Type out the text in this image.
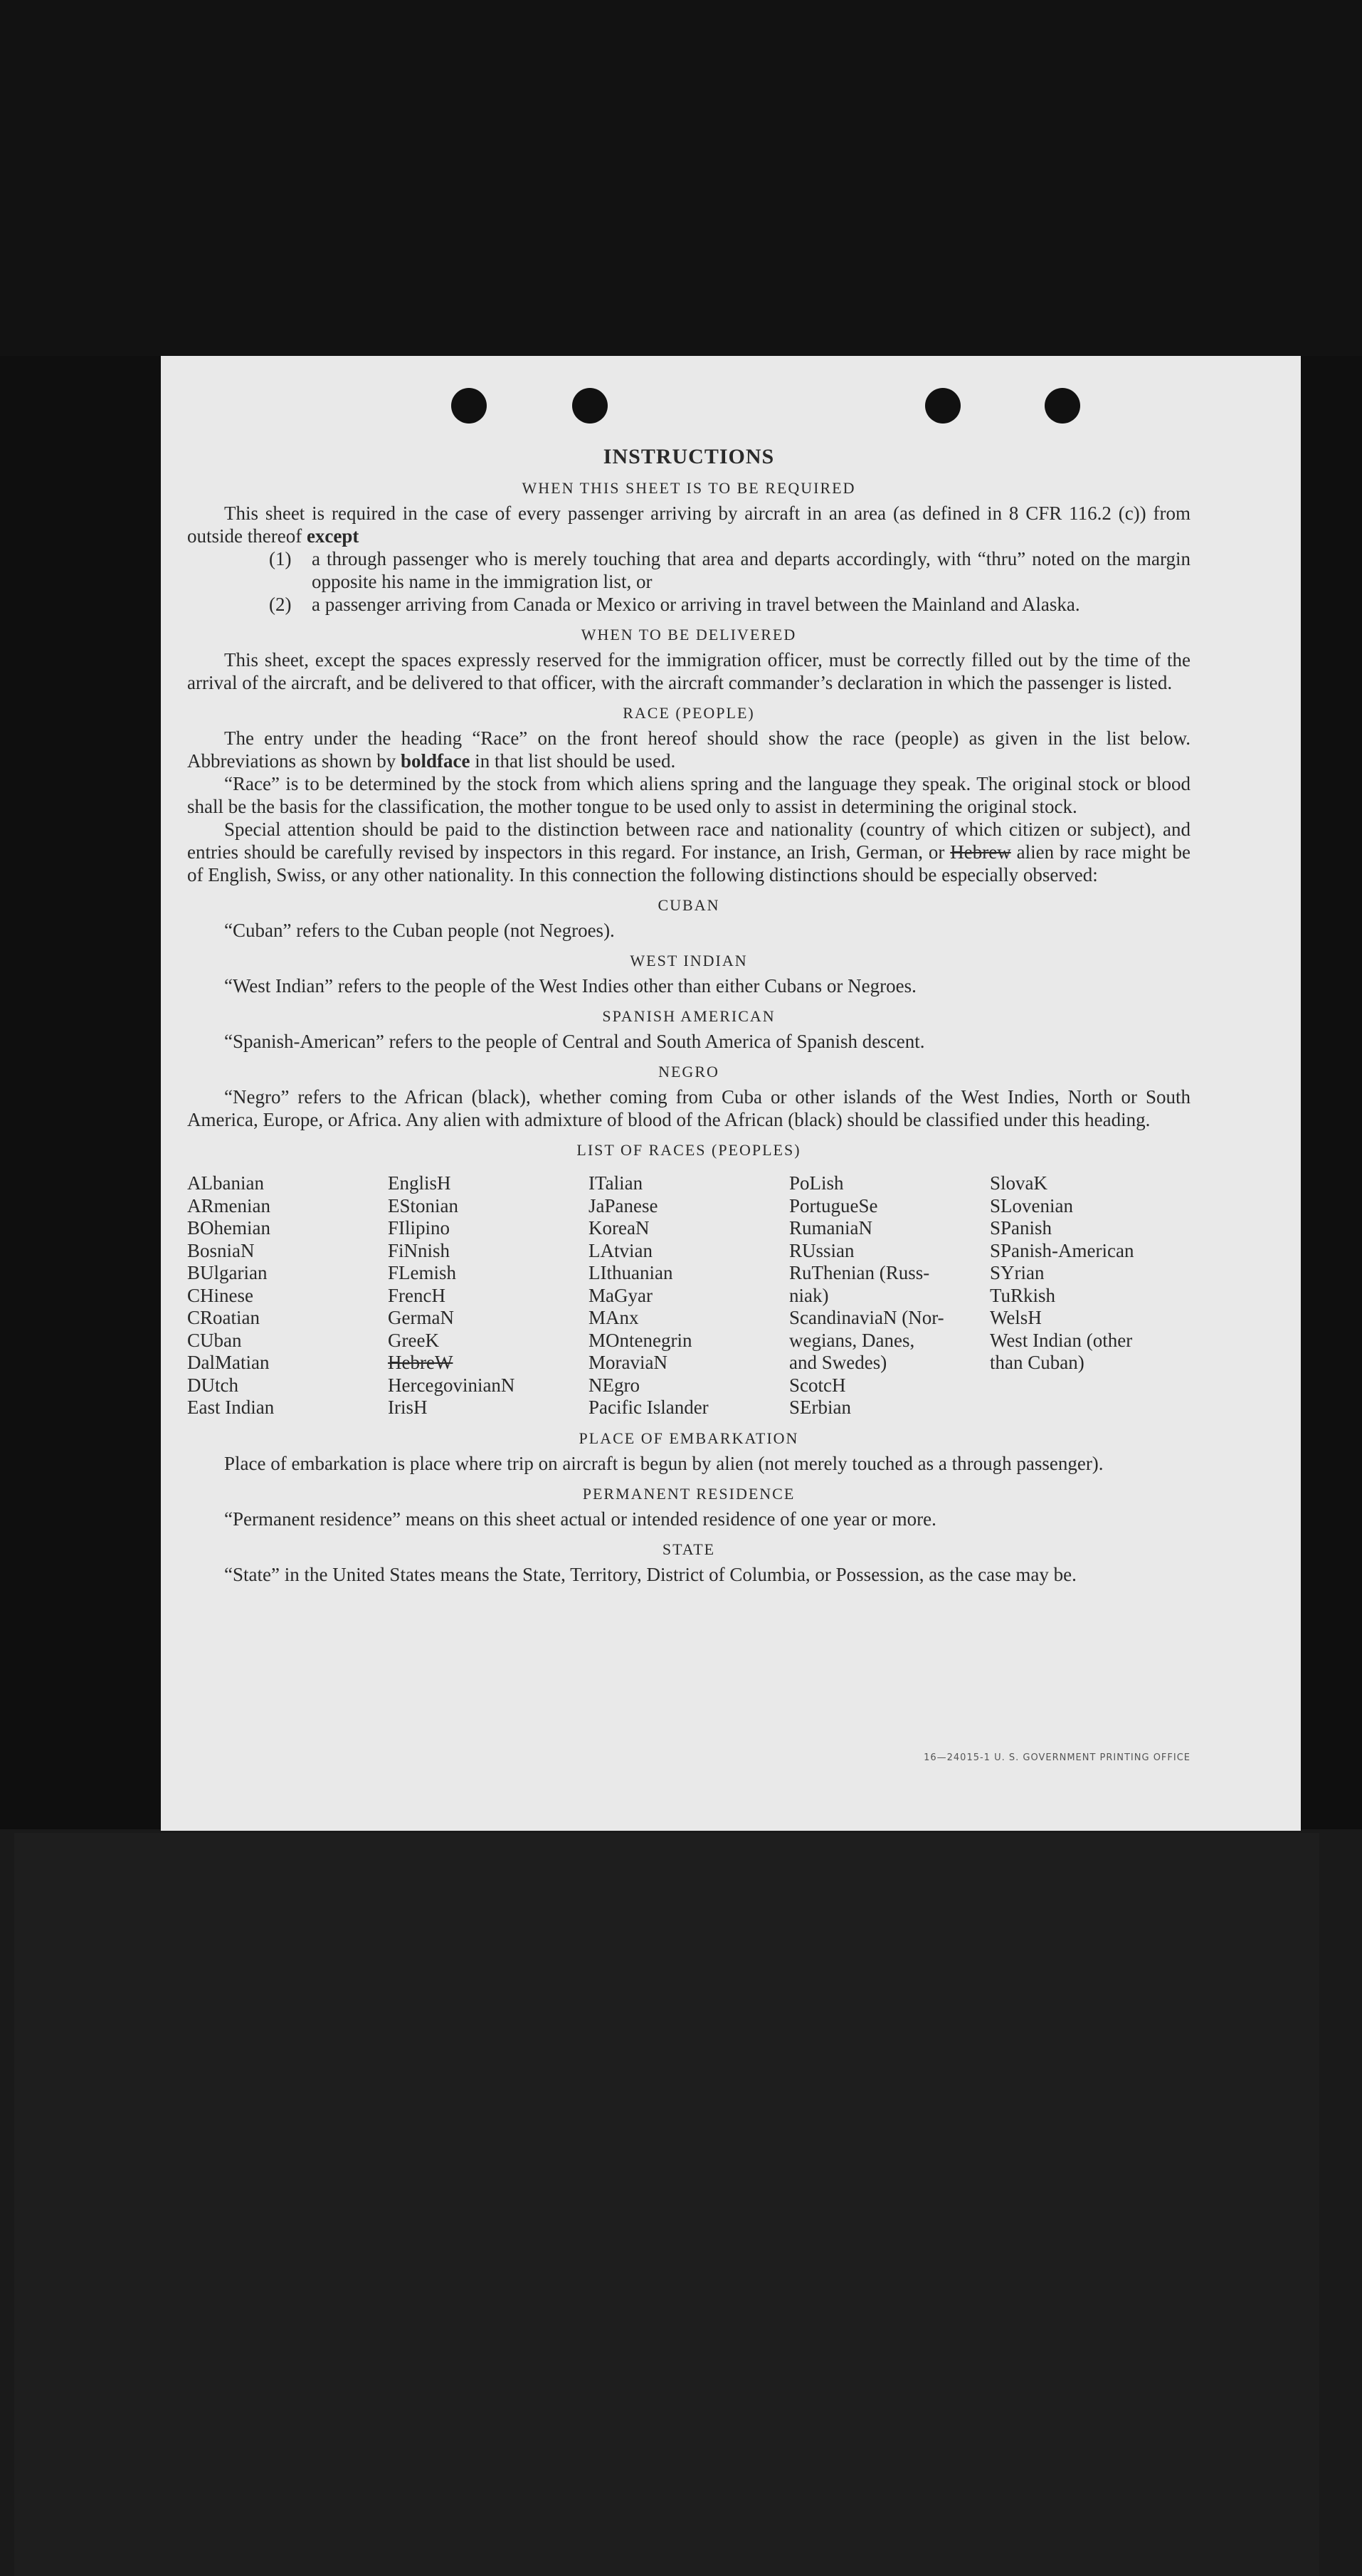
INSTRUCTIONS
WHEN THIS SHEET IS TO BE REQUIRED

This sheet is required in the case of every passenger arriving by aircraft in an area (as defined in 8 CFR 116.2 (c)) from outside thereof except

(1)	a through passenger who is merely touching that area and departs accordingly, with “thru” noted on the margin opposite his name in the immigration list, or
(2)	a passenger arriving from Canada or Mexico or arriving in travel between the Mainland and Alaska.
WHEN TO BE DELIVERED

This sheet, except the spaces expressly reserved for the immigration officer, must be correctly filled out by the time of the arrival of the aircraft, and be delivered to that officer, with the aircraft commander’s declaration in which the passenger is listed.

RACE (PEOPLE)

The entry under the heading “Race” on the front hereof should show the race (people) as given in the list below. Abbreviations as shown by boldface in that list should be used.

“Race” is to be determined by the stock from which aliens spring and the language they speak. The original stock or blood shall be the basis for the classification, the mother tongue to be used only to assist in determining the original stock.

Special attention should be paid to the distinction between race and nationality (country of which citizen or subject), and entries should be carefully revised by inspectors in this regard. For instance, an Irish, German, or Hebrew alien by race might be of English, Swiss, or any other nationality. In this connection the following distinctions should be especially observed:

CUBAN

“Cuban” refers to the Cuban people (not Negroes).

WEST INDIAN

“West Indian” refers to the people of the West Indies other than either Cubans or Negroes.

SPANISH AMERICAN

“Spanish-American” refers to the people of Central and South America of Spanish descent.

NEGRO

“Negro” refers to the African (black), whether coming from Cuba or other islands of the West Indies, North or South America, Europe, or Africa. Any alien with admixture of blood of the African (black) should be classified under this heading.

LIST OF RACES (PEOPLES)
ALbanian
ARmenian
BOhemian
BosniaN
BUlgarian
CHinese
CRoatian
CUban
DalMatian
DUtch
East Indian
EnglisH
EStonian
FIlipino
FiNnish
FLemish
FrencH
GermaN
GreeK
HebreW
HercegovinianN
IrisH
ITalian
JaPanese
KoreaN
LAtvian
LIthuanian
MaGyar
MAnx
MOntenegrin
MoraviaN
NEgro
Pacific Islander
PoLish
PortugueSe
RumaniaN
RUssian
RuThenian (Russ-
niak)
ScandinaviaN (Nor-
wegians, Danes,
and Swedes)
ScotcH
SErbian
SlovaK
SLovenian
SPanish
SPanish-American
SYrian
TuRkish
WelsH
West Indian (other
than Cuban)
PLACE OF EMBARKATION

Place of embarkation is place where trip on aircraft is begun by alien (not merely touched as a through passenger).

PERMANENT RESIDENCE

“Permanent residence” means on this sheet actual or intended residence of one year or more.

STATE

“State” in the United States means the State, Territory, District of Columbia, or Possession, as the case may be.

16—24015-1 U. S. GOVERNMENT PRINTING OFFICE
